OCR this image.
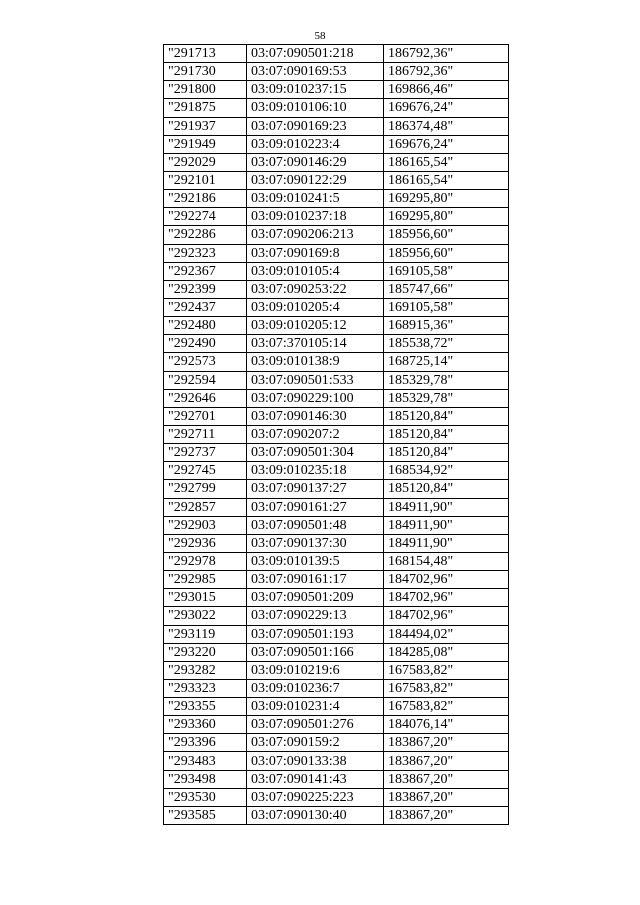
58
"291713	03:07:090501:218	186792,36"
"291730	03:07:090169:53	186792,36"
"291800	03:09:010237:15	169866,46"
"291875	03:09:010106:10	169676,24"
"291937	03:07:090169:23	186374,48"
"291949	03:09:010223:4	169676,24"
"292029	03:07:090146:29	186165,54"
"292101	03:07:090122:29	186165,54"
"292186	03:09:010241:5	169295,80"
"292274	03:09:010237:18	169295,80"
"292286	03:07:090206:213	185956,60"
"292323	03:07:090169:8	185956,60"
"292367	03:09:010105:4	169105,58"
"292399	03:07:090253:22	185747,66"
"292437	03:09:010205:4	169105,58"
"292480	03:09:010205:12	168915,36"
"292490	03:07:370105:14	185538,72"
"292573	03:09:010138:9	168725,14"
"292594	03:07:090501:533	185329,78"
"292646	03:07:090229:100	185329,78"
"292701	03:07:090146:30	185120,84"
"292711	03:07:090207:2	185120,84"
"292737	03:07:090501:304	185120,84"
"292745	03:09:010235:18	168534,92"
"292799	03:07:090137:27	185120,84"
"292857	03:07:090161:27	184911,90"
"292903	03:07:090501:48	184911,90"
"292936	03:07:090137:30	184911,90"
"292978	03:09:010139:5	168154,48"
"292985	03:07:090161:17	184702,96"
"293015	03:07:090501:209	184702,96"
"293022	03:07:090229:13	184702,96"
"293119	03:07:090501:193	184494,02"
"293220	03:07:090501:166	184285,08"
"293282	03:09:010219:6	167583,82"
"293323	03:09:010236:7	167583,82"
"293355	03:09:010231:4	167583,82"
"293360	03:07:090501:276	184076,14"
"293396	03:07:090159:2	183867,20"
"293483	03:07:090133:38	183867,20"
"293498	03:07:090141:43	183867,20"
"293530	03:07:090225:223	183867,20"
"293585	03:07:090130:40	183867,20"
